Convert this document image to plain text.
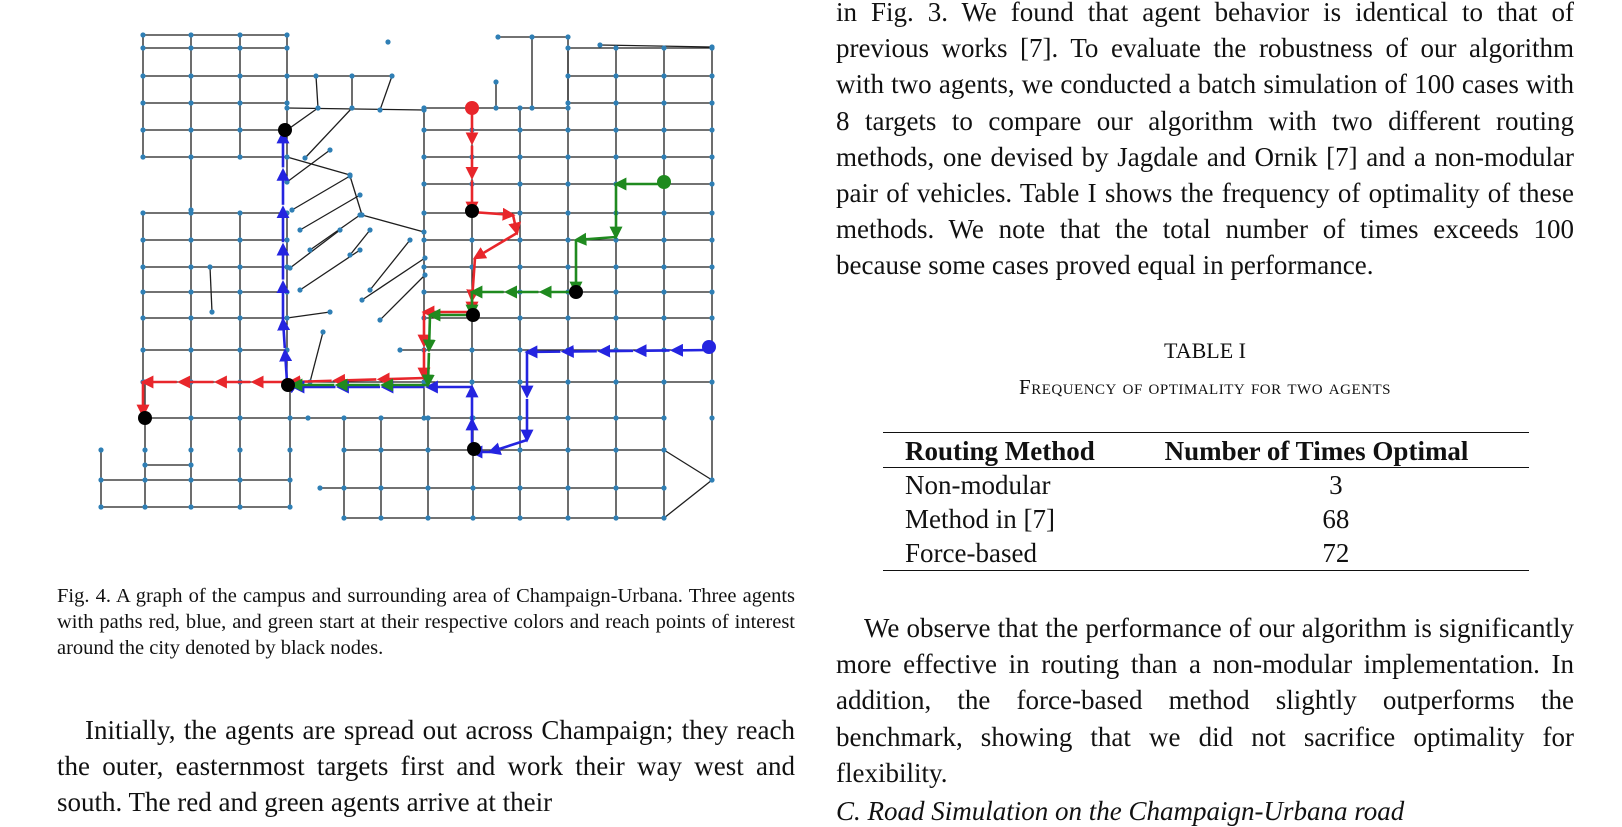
Fig. 4. A graph of the campus and surrounding area of Champaign-Urbana. Three agents with paths red, blue, and green start at their respective colors and reach points of interest around the city denoted by black nodes.
Initially, the agents are spread out across Champaign; they reach the outer, easternmost targets first and work their way west and south. The red and green agents arrive at their
in Fig. 3. We found that agent behavior is identical to that of previous works [7]. To evaluate the robustness of our algorithm with two agents, we conducted a batch simulation of 100 cases with 8 targets to compare our algorithm with two different routing methods, one devised by Jagdale and Ornik [7] and a non-modular pair of vehicles. Table I shows the frequency of optimality of these methods. We note that the total number of times exceeds 100 because some cases proved equal in performance.
TABLE I
Frequency of optimality for two agents
Routing Method	Number of Times Optimal
Non-modular	3
Method in [7]	68
Force-based	72
We observe that the performance of our algorithm is significantly more effective in routing than a non-modular implementation. In addition, the force-based method slightly outperforms the benchmark, showing that we did not sacrifice optimality for flexibility.
C. Road Simulation on the Champaign-Urbana road
